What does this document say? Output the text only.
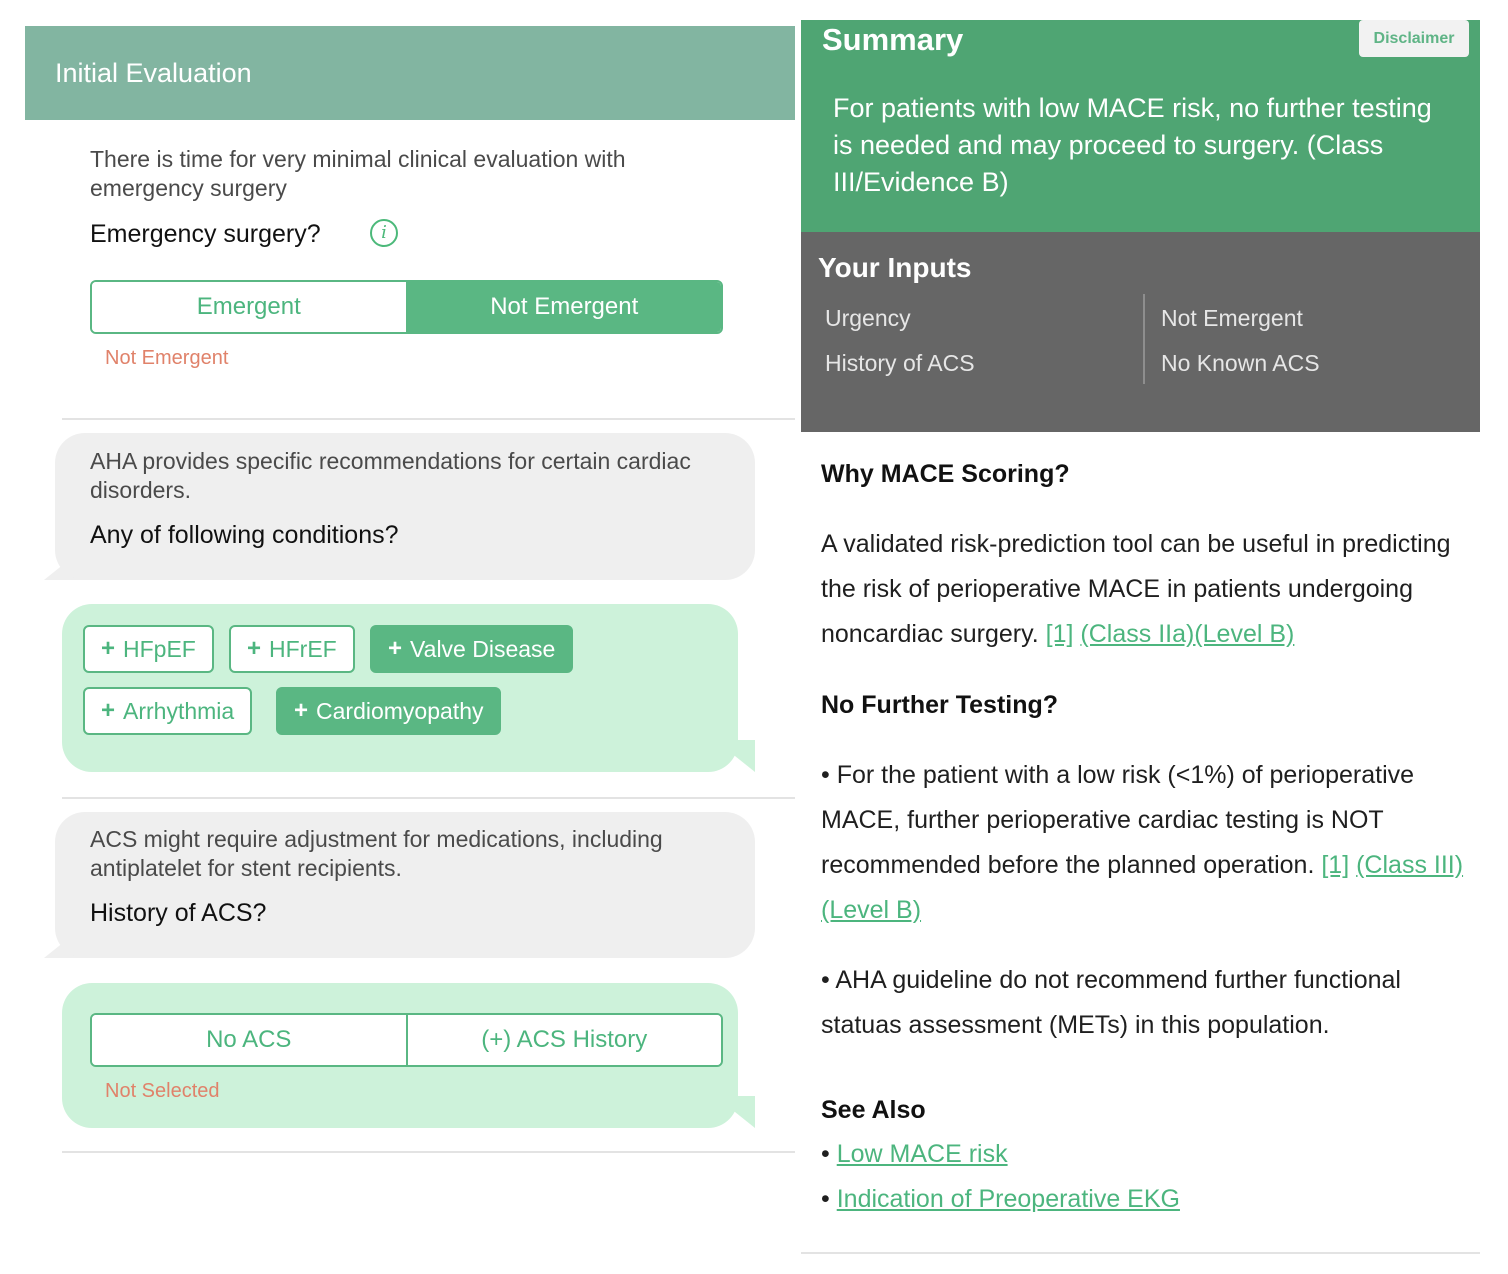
Initial Evaluation
There is time for very minimal clinical evaluation with emergency surgery
Emergency surgery?	i
Emergent	Not Emergent
Not Emergent
AHA provides specific recommendations for certain cardiac disorders.
Any of following conditions?
+ HFpEF + HFrEF + Valve Disease
+ Arrhythmia + Cardiomyopathy
ACS might require adjustment for medications, including antiplatelet for stent recipients.
History of ACS?
No ACS	(+) ACS History
Not Selected
Summary	Disclaimer
For patients with low MACE risk, no further testing is needed and may proceed to surgery. (Class III/Evidence B)
Your Inputs
Urgency	Not Emergent
History of ACS	No Known ACS
Why MACE Scoring?
A validated risk-prediction tool can be useful in predicting the risk of perioperative MACE in patients undergoing noncardiac surgery. [1] (Class IIa)(Level B)
No Further Testing?
• For the patient with a low risk (<1%) of perioperative MACE, further perioperative cardiac testing is NOT recommended before the planned operation. [1] (Class III)(Level B)
• AHA guideline do not recommend further functional statuas assessment (METs) in this population.
See Also
• Low MACE risk
• Indication of Preoperative EKG
